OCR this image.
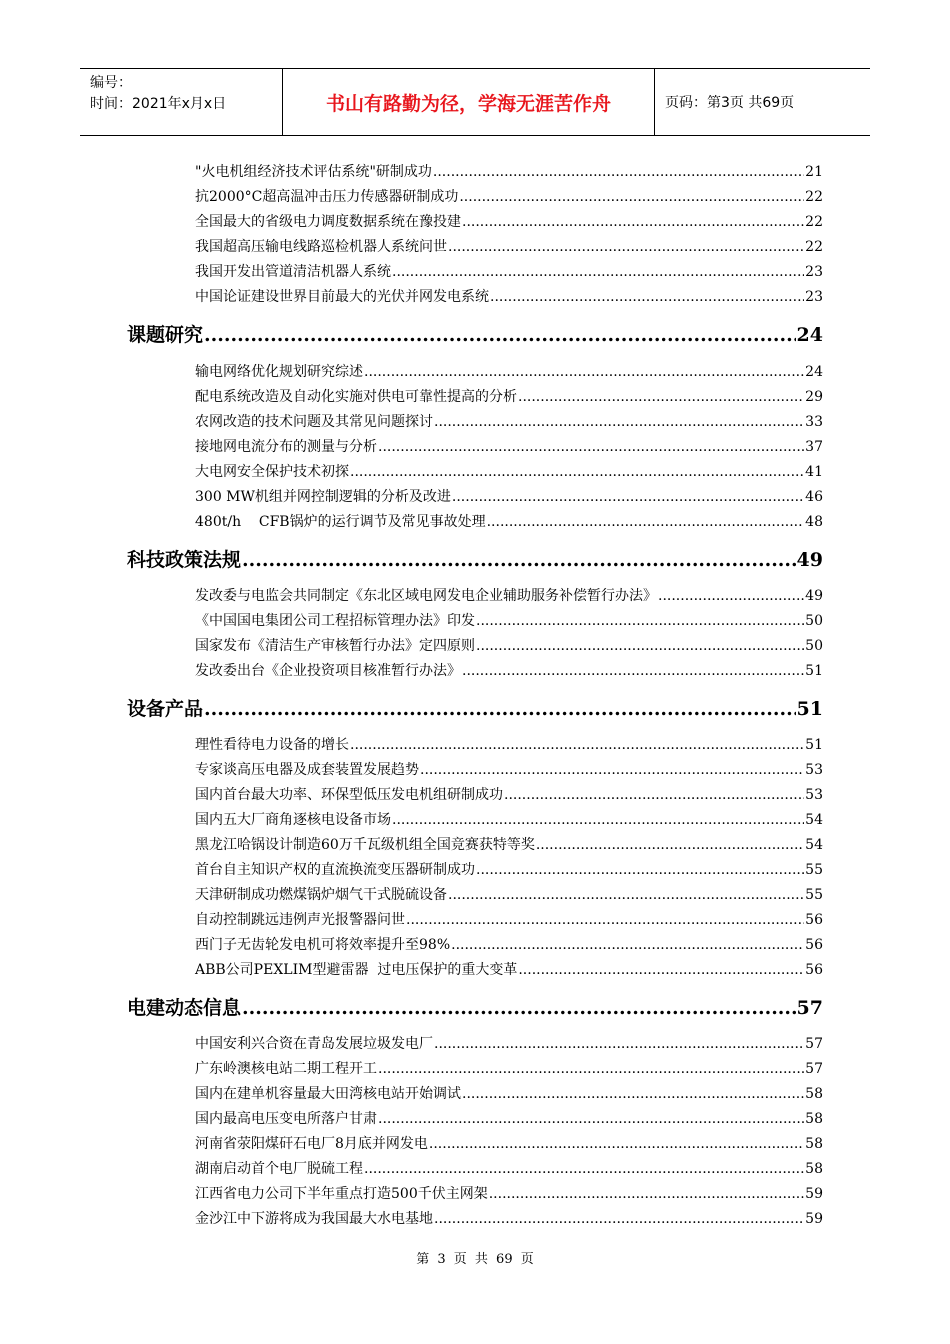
编号：
时间：2021年x月x日	书山有路勤为径，学海无涯苦作舟	页码：第3页 共69页
"火电机组经济技术评估系统"研制成功 .....	21
抗2000°C超高温冲击压力传感器研制成功 .....	22
全国最大的省级电力调度数据系统在豫投建 .....	22
我国超高压输电线路巡检机器人系统问世 .....	22
我国开发出管道清洁机器人系统 .....	23
中国论证建设世界目前最大的光伏并网发电系统 .....	23
课题研究 .....	24
输电网络优化规划研究综述 .....	24
配电系统改造及自动化实施对供电可靠性提高的分析 .....	29
农网改造的技术问题及其常见问题探讨 .....	33
接地网电流分布的测量与分析 .....	37
大电网安全保护技术初探 .....	41
300 MW机组并网控制逻辑的分析及改进 .....	46
480t/h    CFB锅炉的运行调节及常见事故处理 .....	48
科技政策法规 .....	49
发改委与电监会共同制定《东北区域电网发电企业辅助服务补偿暂行办法》 .....	49
《中国国电集团公司工程招标管理办法》印发 .....	50
国家发布《清洁生产审核暂行办法》定四原则 .....	50
发改委出台《企业投资项目核准暂行办法》 .....	51
设备产品 .....	51
理性看待电力设备的增长 .....	51
专家谈高压电器及成套装置发展趋势 .....	53
国内首台最大功率、环保型低压发电机组研制成功 .....	53
国内五大厂商角逐核电设备市场 .....	54
黑龙江哈锅设计制造60万千瓦级机组全国竞赛获特等奖 .....	54
首台自主知识产权的直流换流变压器研制成功 .....	55
天津研制成功燃煤锅炉烟气干式脱硫设备 .....	55
自动控制跳远违例声光报警器问世 .....	56
西门子无齿轮发电机可将效率提升至98% .....	56
ABB公司PEXLIM型避雷器  过电压保护的重大变革 .....	56
电建动态信息 .....	57
中国安利兴合资在青岛发展垃圾发电厂 .....	57
广东岭澳核电站二期工程开工 .....	57
国内在建单机容量最大田湾核电站开始调试 .....	58
国内最高电压变电所落户甘肃 .....	58
河南省荥阳煤矸石电厂8月底并网发电 .....	58
湖南启动首个电厂脱硫工程 .....	58
江西省电力公司下半年重点打造500千伏主网架 .....	59
金沙江中下游将成为我国最大水电基地 .....	59
第 3 页 共 69 页
